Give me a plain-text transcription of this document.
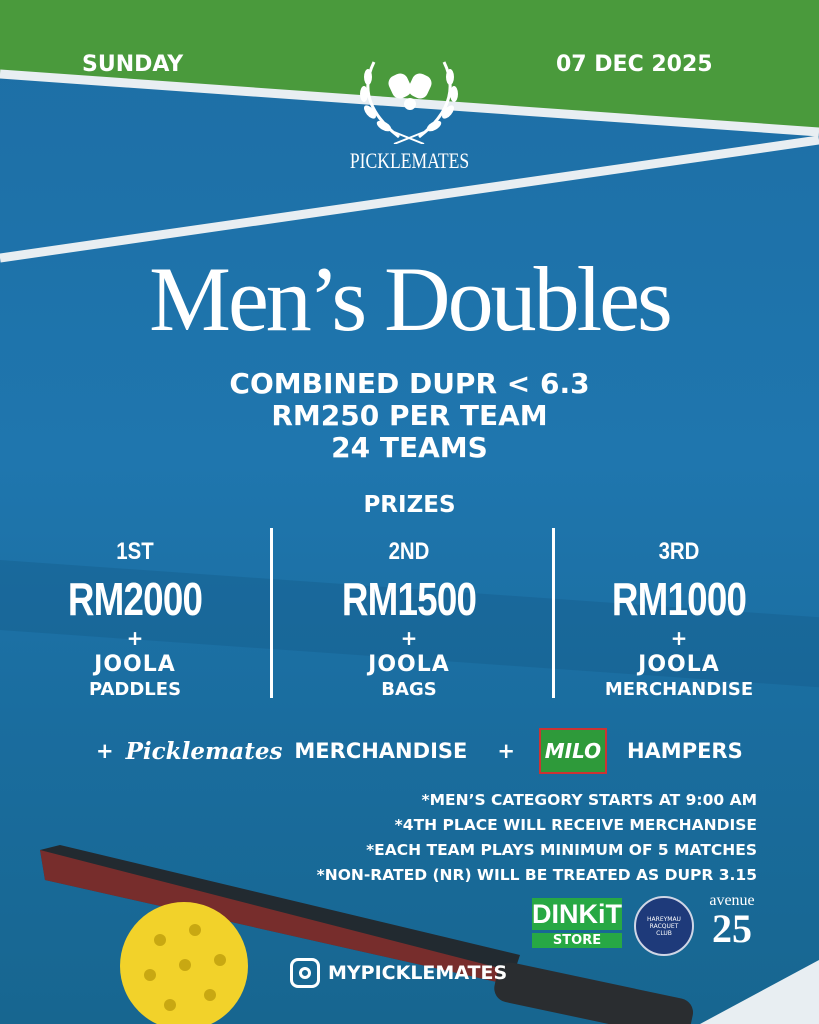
SUNDAY	07 DEC 2025
PICKLEMATES
Men’s Doubles
COMBINED DUPR < 6.3
RM250 PER TEAM
24 TEAMS
PRIZES
1ST
RM2000
+
JOOLA
PADDLES
2ND
RM1500
+
JOOLA
BAGS
3RD
RM1000
+
JOOLA
MERCHANDISE
+ Picklemates MERCHANDISE + MILO HAMPERS
*MEN’S CATEGORY STARTS AT 9:00 AM
*4TH PLACE WILL RECEIVE MERCHANDISE
*EACH TEAM PLAYS MINIMUM OF 5 MATCHES
*NON-RATED (NR) WILL BE TREATED AS DUPR 3.15
DINKiT
STORE
HAREYMAU RACQUET CLUB
avenue
25
MYPICKLEMATES
